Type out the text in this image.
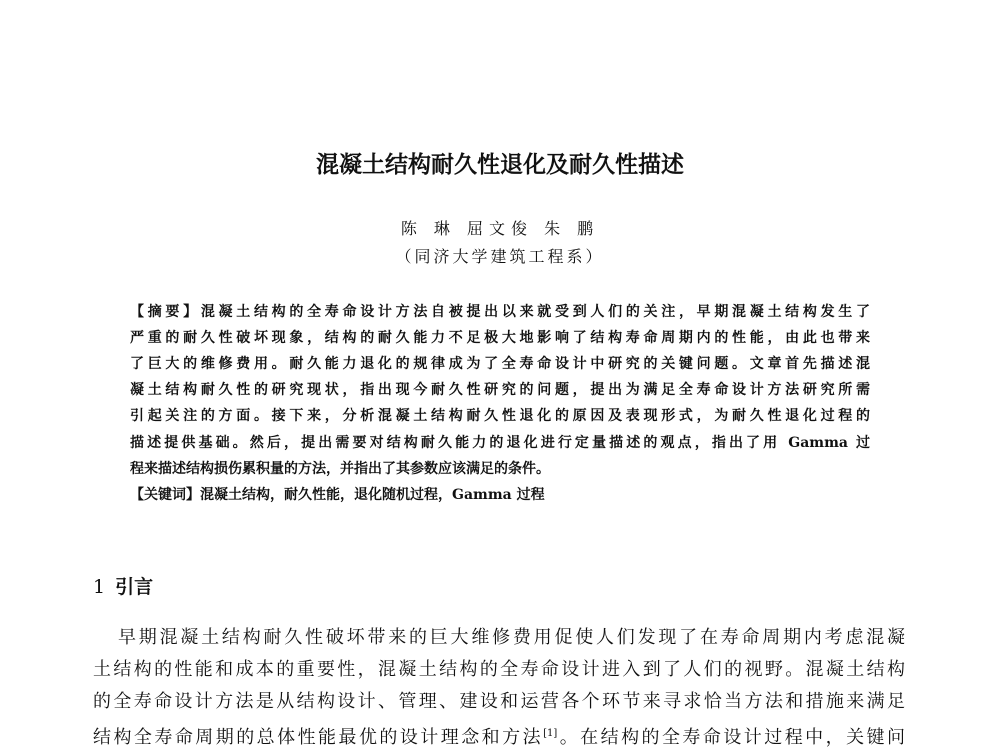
混凝土结构耐久性退化及耐久性描述
陈 琳 屈文俊 朱 鹏
（同济大学建筑工程系）
【摘要】混凝土结构的全寿命设计方法自被提出以来就受到人们的关注，早期混凝土结构发生了
严重的耐久性破坏现象，结构的耐久能力不足极大地影响了结构寿命周期内的性能，由此也带来
了巨大的维修费用。耐久能力退化的规律成为了全寿命设计中研究的关键问题。文章首先描述混
凝土结构耐久性的研究现状，指出现今耐久性研究的问题，提出为满足全寿命设计方法研究所需
引起关注的方面。接下来，分析混凝土结构耐久性退化的原因及表现形式，为耐久性退化过程的
描述提供基础。然后，提出需要对结构耐久能力的退化进行定量描述的观点，指出了用 Gamma 过
程来描述结构损伤累积量的方法，并指出了其参数应该满足的条件。
【关键词】混凝土结构，耐久性能，退化随机过程，Gamma 过程
1 引言
早期混凝土结构耐久性破坏带来的巨大维修费用促使人们发现了在寿命周期内考虑混凝
土结构的性能和成本的重要性，混凝土结构的全寿命设计进入到了人们的视野。混凝土结构
的全寿命设计方法是从结构设计、管理、建设和运营各个环节来寻求恰当方法和措施来满足
结构全寿命周期的总体性能最优的设计理念和方法[1]。在结构的全寿命设计过程中，关键问
